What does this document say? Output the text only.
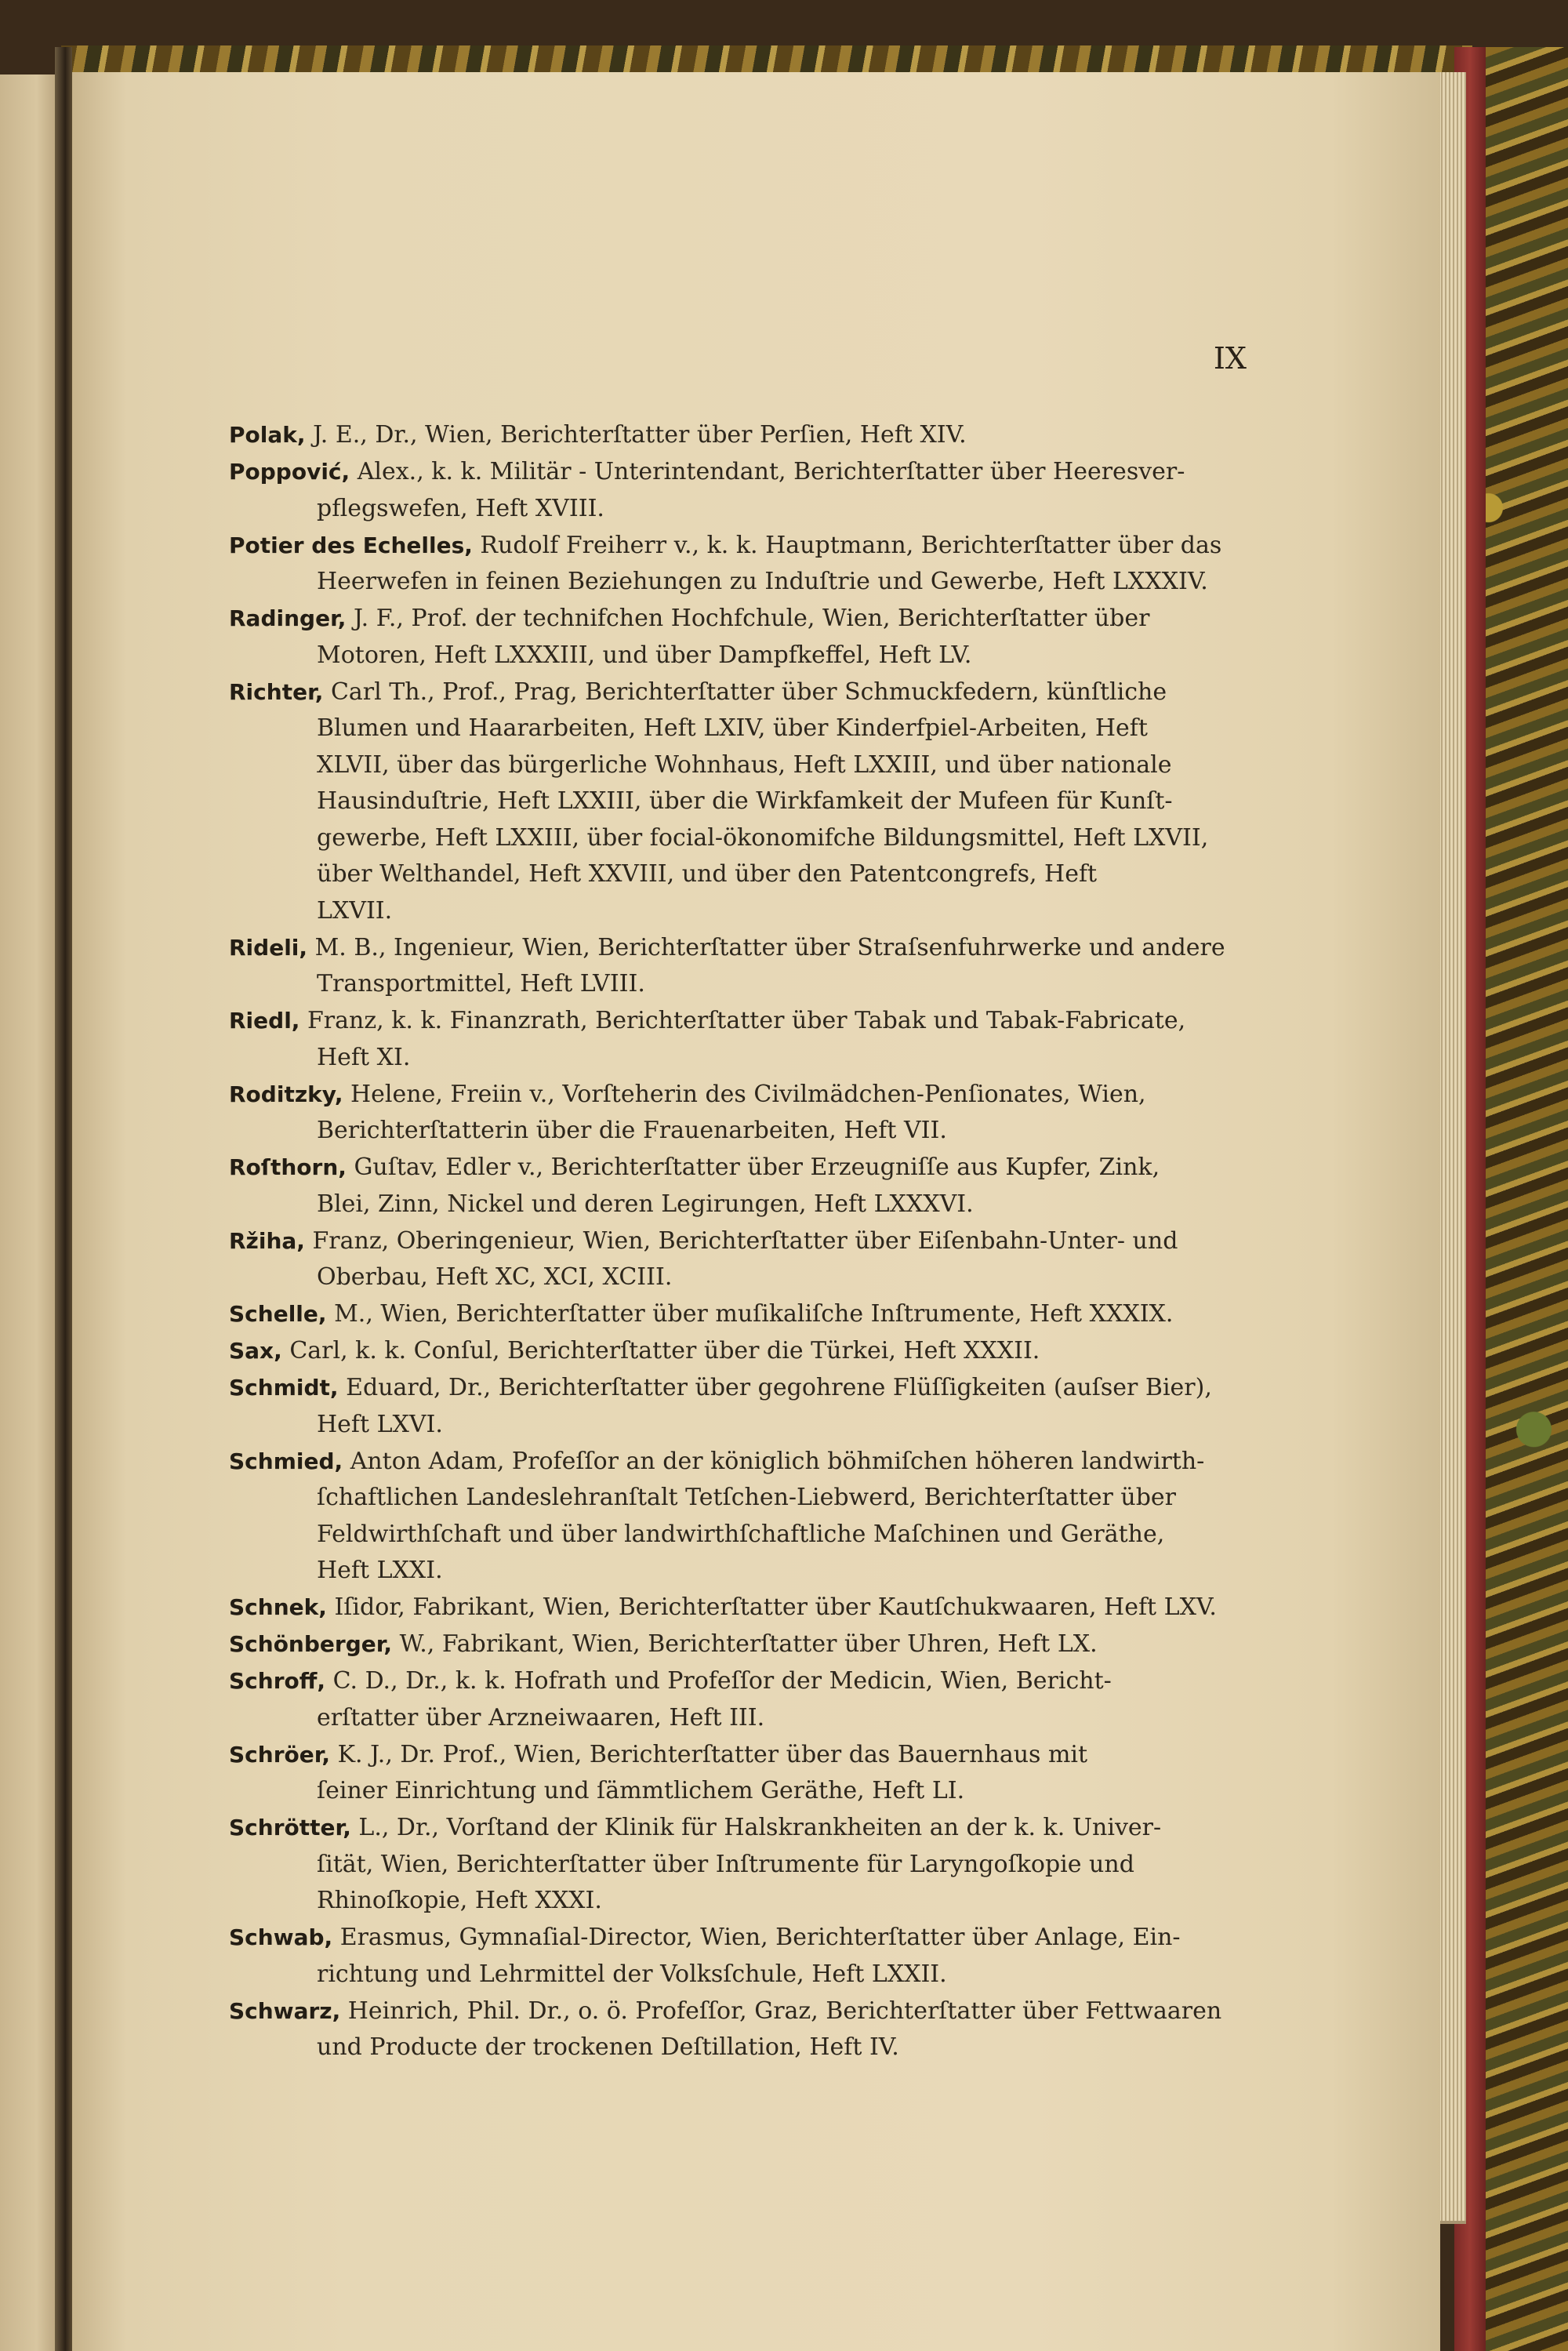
IX
Polak, J. E., Dr., Wien, Berichterſtatter über Perſien, Heft XIV.
Poppović, Alex., k. k. Militär - Unterintendant, Berichterſtatter über Heeresver-
pflegswefen, Heft XVIII.
Potier des Echelles, Rudolf Freiherr v., k. k. Hauptmann, Berichterſtatter über das
Heerwefen in feinen Beziehungen zu Induſtrie und Gewerbe, Heft LXXXIV.
Radinger, J. F., Prof. der technifchen Hochfchule, Wien, Berichterſtatter über
Motoren, Heft LXXXIII, und über Dampfkeffel, Heft LV.
Richter, Carl Th., Prof., Prag, Berichterſtatter über Schmuckfedern, künſtliche
Blumen und Haararbeiten, Heft LXIV, über Kinderfpiel-Arbeiten, Heft
XLVII, über das bürgerliche Wohnhaus, Heft LXXIII, und über nationale
Hausinduſtrie, Heft LXXIII, über die Wirkfamkeit der Mufeen für Kunſt-
gewerbe, Heft LXXIII, über focial-ökonomifche Bildungsmittel, Heft LXVII,
über Welthandel, Heft XXVIII, und über den Patentcongrefs, Heft
LXVII.
Rideli, M. B., Ingenieur, Wien, Berichterſtatter über Straſsenfuhrwerke und andere
Transportmittel, Heft LVIII.
Riedl, Franz, k. k. Finanzrath, Berichterſtatter über Tabak und Tabak-Fabricate,
Heft XI.
Roditzky, Helene, Freiin v., Vorſteherin des Civilmädchen-Penſionates, Wien,
Berichterſtatterin über die Frauenarbeiten, Heft VII.
Roſthorn, Guſtav, Edler v., Berichterſtatter über Erzeugniſſe aus Kupfer, Zink,
Blei, Zinn, Nickel und deren Legirungen, Heft LXXXVI.
Ržiha, Franz, Oberingenieur, Wien, Berichterſtatter über Eiſenbahn-Unter- und
Oberbau, Heft XC, XCI, XCIII.
Schelle, M., Wien, Berichterſtatter über muſikaliſche Inſtrumente, Heft XXXIX.
Sax, Carl, k. k. Conſul, Berichterſtatter über die Türkei, Heft XXXII.
Schmidt, Eduard, Dr., Berichterſtatter über gegohrene Flüſſigkeiten (auſser Bier),
Heft LXVI.
Schmied, Anton Adam, Profeſſor an der königlich böhmiſchen höheren landwirth-
ſchaftlichen Landeslehranſtalt Tetſchen-Liebwerd, Berichterſtatter über
Feldwirthſchaft und über landwirthſchaftliche Maſchinen und Geräthe,
Heft LXXI.
Schnek, Iſidor, Fabrikant, Wien, Berichterſtatter über Kautſchukwaaren, Heft LXV.
Schönberger, W., Fabrikant, Wien, Berichterſtatter über Uhren, Heft LX.
Schroff, C. D., Dr., k. k. Hofrath und Profeſſor der Medicin, Wien, Bericht-
erſtatter über Arzneiwaaren, Heft III.
Schröer, K. J., Dr. Prof., Wien, Berichterſtatter über das Bauernhaus mit
ſeiner Einrichtung und ſämmtlichem Geräthe, Heft LI.
Schrötter, L., Dr., Vorſtand der Klinik für Halskrankheiten an der k. k. Univer-
ſität, Wien, Berichterſtatter über Inſtrumente für Laryngoſkopie und
Rhinoſkopie, Heft XXXI.
Schwab, Erasmus, Gymnaſial-Director, Wien, Berichterſtatter über Anlage, Ein-
richtung und Lehrmittel der Volksſchule, Heft LXXII.
Schwarz, Heinrich, Phil. Dr., o. ö. Profeſſor, Graz, Berichterſtatter über Fettwaaren
und Producte der trockenen Deſtillation, Heft IV.
